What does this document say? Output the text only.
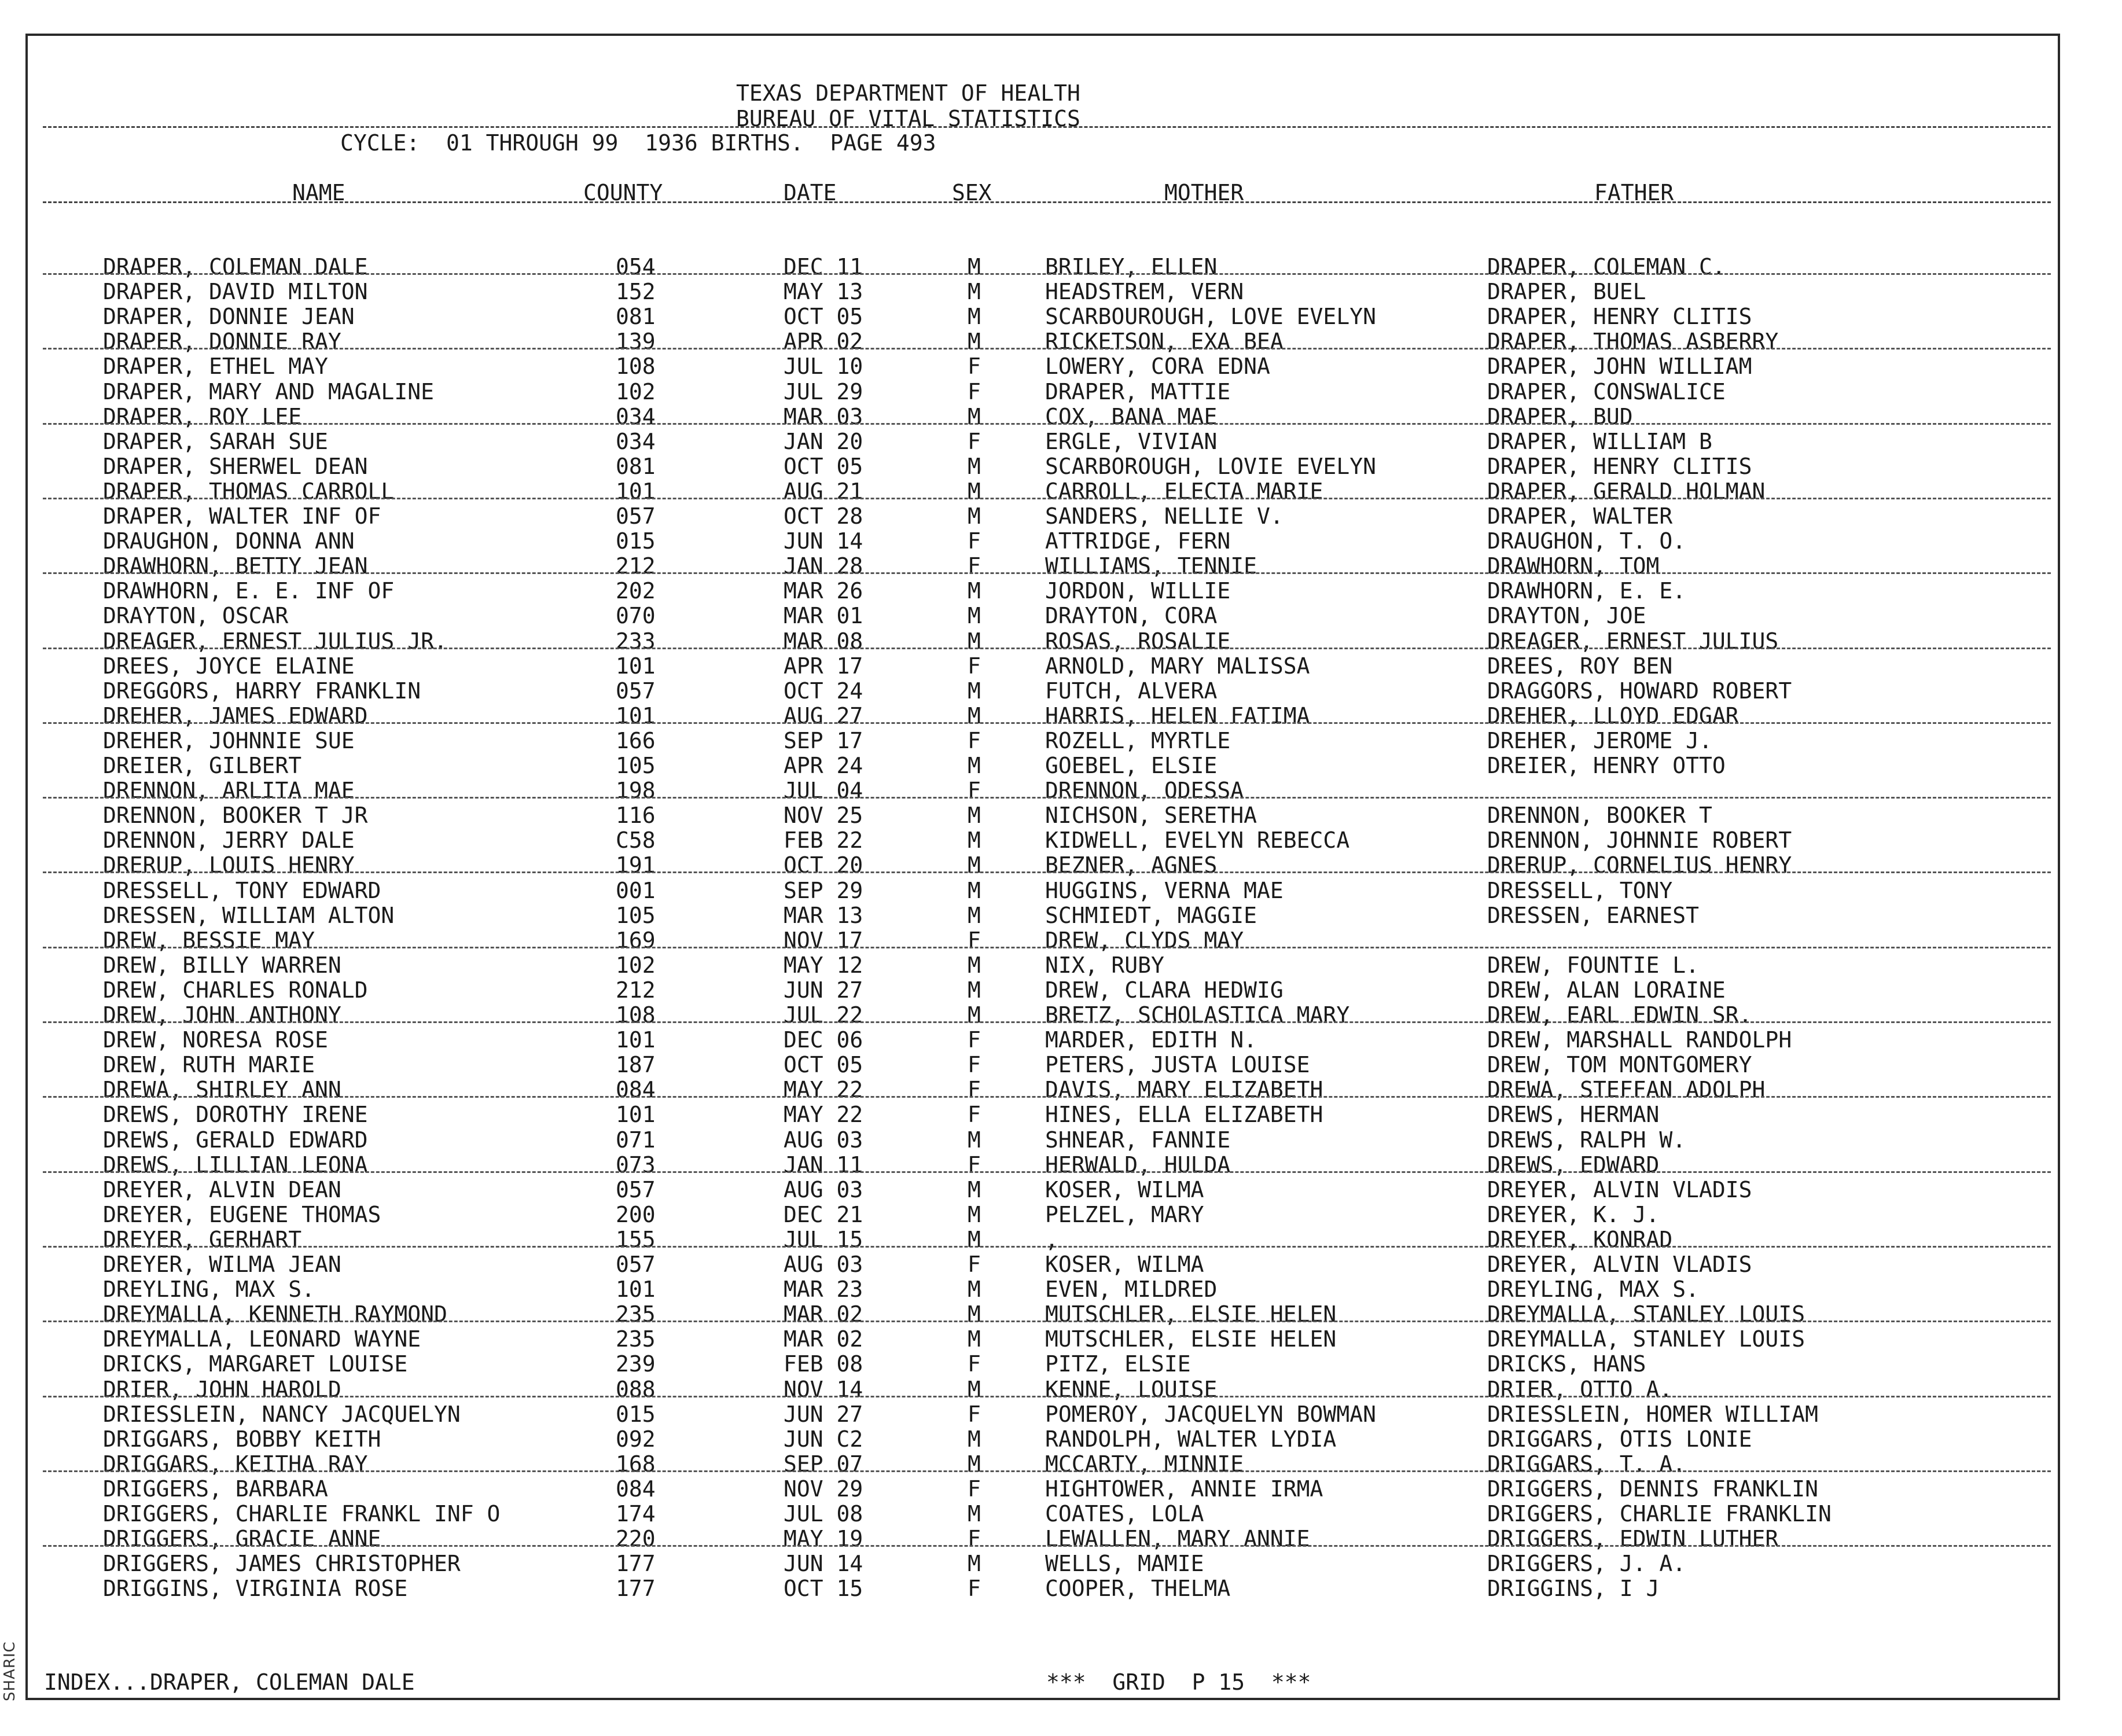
SHARIC
TEXAS DEPARTMENT OF HEALTH
BUREAU OF VITAL STATISTICS
CYCLE:  01 THROUGH 99  1936 BIRTHS.  PAGE 493
NAME	COUNTY	DATE	SEX	MOTHER	FATHER
DRAPER, COLEMAN DALE	054	DEC 11	M	BRILEY, ELLEN	DRAPER, COLEMAN C.
DRAPER, DAVID MILTON	152	MAY 13	M	HEADSTREM, VERN	DRAPER, BUEL
DRAPER, DONNIE JEAN	081	OCT 05	M	SCARBOUROUGH, LOVE EVELYN	DRAPER, HENRY CLITIS
DRAPER, DONNIE RAY	139	APR 02	M	RICKETSON, EXA BEA	DRAPER, THOMAS ASBERRY
DRAPER, ETHEL MAY	108	JUL 10	F	LOWERY, CORA EDNA	DRAPER, JOHN WILLIAM
DRAPER, MARY AND MAGALINE	102	JUL 29	F	DRAPER, MATTIE	DRAPER, CONSWALICE
DRAPER, ROY LEE	034	MAR 03	M	COX, BANA MAE	DRAPER, BUD
DRAPER, SARAH SUE	034	JAN 20	F	ERGLE, VIVIAN	DRAPER, WILLIAM B
DRAPER, SHERWEL DEAN	081	OCT 05	M	SCARBOROUGH, LOVIE EVELYN	DRAPER, HENRY CLITIS
DRAPER, THOMAS CARROLL	101	AUG 21	M	CARROLL, ELECTA MARIE	DRAPER, GERALD HOLMAN
DRAPER, WALTER INF OF	057	OCT 28	M	SANDERS, NELLIE V.	DRAPER, WALTER
DRAUGHON, DONNA ANN	015	JUN 14	F	ATTRIDGE, FERN	DRAUGHON, T. O.
DRAWHORN, BETTY JEAN	212	JAN 28	F	WILLIAMS, TENNIE	DRAWHORN, TOM
DRAWHORN, E. E. INF OF	202	MAR 26	M	JORDON, WILLIE	DRAWHORN, E. E.
DRAYTON, OSCAR	070	MAR 01	M	DRAYTON, CORA	DRAYTON, JOE
DREAGER, ERNEST JULIUS JR.	233	MAR 08	M	ROSAS, ROSALIE	DREAGER, ERNEST JULIUS
DREES, JOYCE ELAINE	101	APR 17	F	ARNOLD, MARY MALISSA	DREES, ROY BEN
DREGGORS, HARRY FRANKLIN	057	OCT 24	M	FUTCH, ALVERA	DRAGGORS, HOWARD ROBERT
DREHER, JAMES EDWARD	101	AUG 27	M	HARRIS, HELEN FATIMA	DREHER, LLOYD EDGAR
DREHER, JOHNNIE SUE	166	SEP 17	F	ROZELL, MYRTLE	DREHER, JEROME J.
DREIER, GILBERT	105	APR 24	M	GOEBEL, ELSIE	DREIER, HENRY OTTO
DRENNON, ARLITA MAE	198	JUL 04	F	DRENNON, ODESSA
DRENNON, BOOKER T JR	116	NOV 25	M	NICHSON, SERETHA	DRENNON, BOOKER T
DRENNON, JERRY DALE	C58	FEB 22	M	KIDWELL, EVELYN REBECCA	DRENNON, JOHNNIE ROBERT
DRERUP, LOUIS HENRY	191	OCT 20	M	BEZNER, AGNES	DRERUP, CORNELIUS HENRY
DRESSELL, TONY EDWARD	001	SEP 29	M	HUGGINS, VERNA MAE	DRESSELL, TONY
DRESSEN, WILLIAM ALTON	105	MAR 13	M	SCHMIEDT, MAGGIE	DRESSEN, EARNEST
DREW, BESSIE MAY	169	NOV 17	F	DREW, CLYDS MAY
DREW, BILLY WARREN	102	MAY 12	M	NIX, RUBY	DREW, FOUNTIE L.
DREW, CHARLES RONALD	212	JUN 27	M	DREW, CLARA HEDWIG	DREW, ALAN LORAINE
DREW, JOHN ANTHONY	108	JUL 22	M	BRETZ, SCHOLASTICA MARY	DREW, EARL EDWIN SR.
DREW, NORESA ROSE	101	DEC 06	F	MARDER, EDITH N.	DREW, MARSHALL RANDOLPH
DREW, RUTH MARIE	187	OCT 05	F	PETERS, JUSTA LOUISE	DREW, TOM MONTGOMERY
DREWA, SHIRLEY ANN	084	MAY 22	F	DAVIS, MARY ELIZABETH	DREWA, STEFFAN ADOLPH
DREWS, DOROTHY IRENE	101	MAY 22	F	HINES, ELLA ELIZABETH	DREWS, HERMAN
DREWS, GERALD EDWARD	071	AUG 03	M	SHNEAR, FANNIE	DREWS, RALPH W.
DREWS, LILLIAN LEONA	073	JAN 11	F	HERWALD, HULDA	DREWS, EDWARD
DREYER, ALVIN DEAN	057	AUG 03	M	KOSER, WILMA	DREYER, ALVIN VLADIS
DREYER, EUGENE THOMAS	200	DEC 21	M	PELZEL, MARY	DREYER, K. J.
DREYER, GERHART	155	JUL 15	M	,	DREYER, KONRAD
DREYER, WILMA JEAN	057	AUG 03	F	KOSER, WILMA	DREYER, ALVIN VLADIS
DREYLING, MAX S.	101	MAR 23	M	EVEN, MILDRED	DREYLING, MAX S.
DREYMALLA, KENNETH RAYMOND	235	MAR 02	M	MUTSCHLER, ELSIE HELEN	DREYMALLA, STANLEY LOUIS
DREYMALLA, LEONARD WAYNE	235	MAR 02	M	MUTSCHLER, ELSIE HELEN	DREYMALLA, STANLEY LOUIS
DRICKS, MARGARET LOUISE	239	FEB 08	F	PITZ, ELSIE	DRICKS, HANS
DRIER, JOHN HAROLD	088	NOV 14	M	KENNE, LOUISE	DRIER, OTTO A.
DRIESSLEIN, NANCY JACQUELYN	015	JUN 27	F	POMEROY, JACQUELYN BOWMAN	DRIESSLEIN, HOMER WILLIAM
DRIGGARS, BOBBY KEITH	092	JUN C2	M	RANDOLPH, WALTER LYDIA	DRIGGARS, OTIS LONIE
DRIGGARS, KEITHA RAY	168	SEP 07	M	MCCARTY, MINNIE	DRIGGARS, T. A.
DRIGGERS, BARBARA	084	NOV 29	F	HIGHTOWER, ANNIE IRMA	DRIGGERS, DENNIS FRANKLIN
DRIGGERS, CHARLIE FRANKL INF O	174	JUL 08	M	COATES, LOLA	DRIGGERS, CHARLIE FRANKLIN
DRIGGERS, GRACIE ANNE	220	MAY 19	F	LEWALLEN, MARY ANNIE	DRIGGERS, EDWIN LUTHER
DRIGGERS, JAMES CHRISTOPHER	177	JUN 14	M	WELLS, MAMIE	DRIGGERS, J. A.
DRIGGINS, VIRGINIA ROSE	177	OCT 15	F	COOPER, THELMA	DRIGGINS, I J
INDEX...DRAPER, COLEMAN DALE	***  GRID  P 15  ***
